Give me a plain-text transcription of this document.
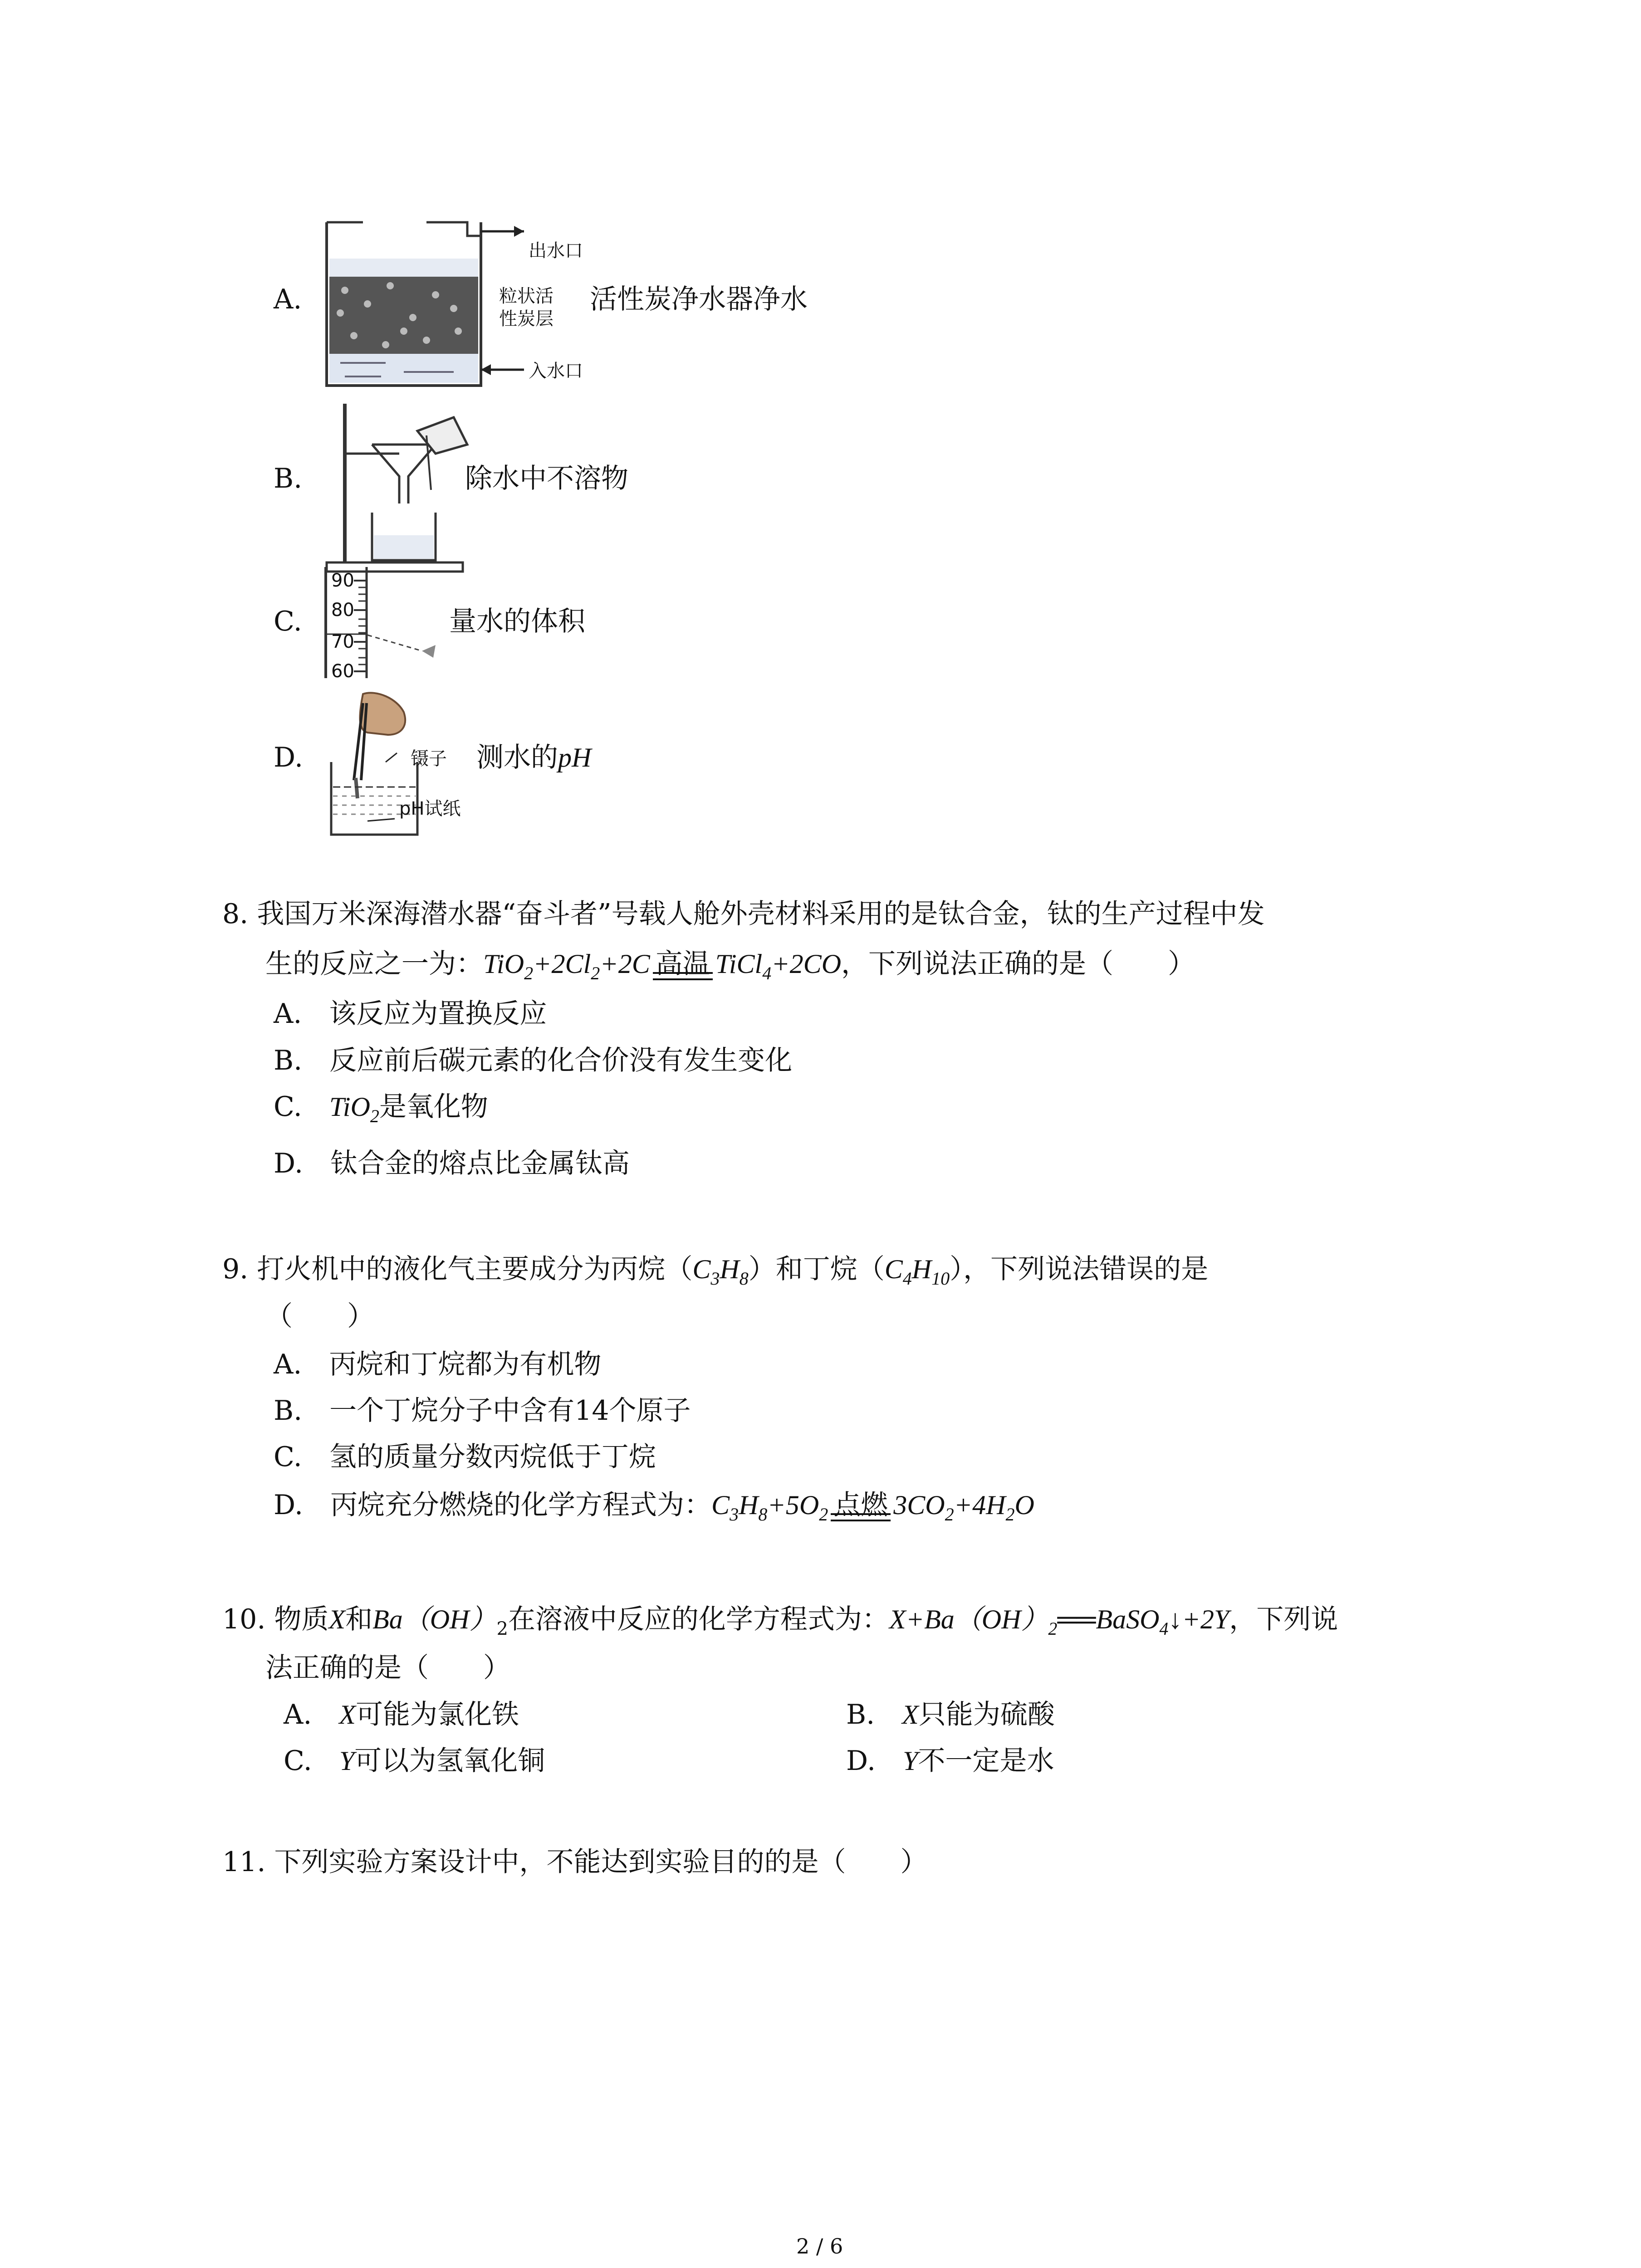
A.
出水口
粒状活
性炭层
入水口
活性炭净水器净水
B.	除水中不溶物
C.
90
80
70
60
量水的体积
D.	镊子
pH试纸
测水的pH
8. 我国万米深海潜水器“奋斗者”号载人舱外壳材料采用的是钛合金，钛的生产过程中发
生的反应之一为：$TiO_2+2Cl_2+2C$ 高温 TiCl$_4$+2CO，下列说法正确的是（　　）
A.　 该反应为置换反应
B.　 反应前后碳元素的化合价没有发生变化
C.　 TiO$_2$是氧化物
D.　 钛合金的熔点比金属钛高
9. 打火机中的液化气主要成分为丙烷$(C_3H_8)$和丁烷$(C_4H_{10})$，下列说法错误的是
（　　）
A.　 丙烷和丁烷都为有机物
B.　 一个丁烷分子中含有14个原子
C.　 氢的质量分数丙烷低于丁烷
D.　 丙烷充分燃烧的化学方程式为：$C_3H_8+5O_2$ 点燃 $3CO_2+4H_2O$
10. 物质X和$Ba(OH)_2$在溶液中反应的化学方程式为：$X+Ba(OH)_2══BaSO_4↓+2Y$，下列说
法正确的是（　　）
A.　 X可能为氯化铁	B.　 X只能为硫酸
C.　 Y可以为氢氧化铜	D.　 Y不一定是水
11. 下列实验方案设计中，不能达到实验目的的是（　　）
2 / 6
